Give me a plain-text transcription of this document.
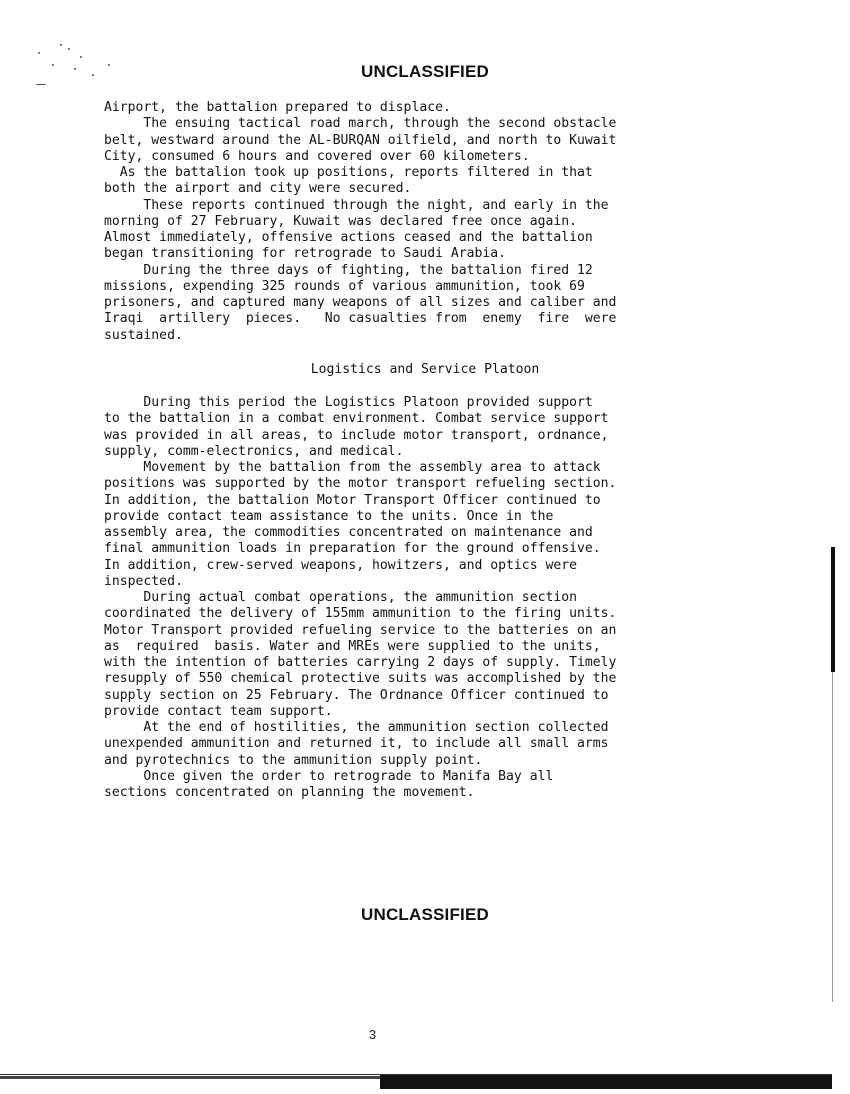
UNCLASSIFIED
Airport, the battalion prepared to displace.
The ensuing tactical road march, through the second obstacle
belt, westward around the AL-BURQAN oilfield, and north to Kuwait
City, consumed 6 hours and covered over 60 kilometers.
As the battalion took up positions, reports filtered in that
both the airport and city were secured.
These reports continued through the night, and early in the
morning of 27 February, Kuwait was declared free once again.
Almost immediately, offensive actions ceased and the battalion
began transitioning for retrograde to Saudi Arabia.
During the three days of fighting, the battalion fired 12
missions, expending 325 rounds of various ammunition, took 69
prisoners, and captured many weapons of all sizes and caliber and
Iraqi  artillery  pieces.   No casualties from  enemy  fire  were
sustained.
Logistics and Service Platoon
During this period the Logistics Platoon provided support
to the battalion in a combat environment. Combat service support
was provided in all areas, to include motor transport, ordnance,
supply, comm-electronics, and medical.
Movement by the battalion from the assembly area to attack
positions was supported by the motor transport refueling section.
In addition, the battalion Motor Transport Officer continued to
provide contact team assistance to the units. Once in the
assembly area, the commodities concentrated on maintenance and
final ammunition loads in preparation for the ground offensive.
In addition, crew-served weapons, howitzers, and optics were
inspected.
During actual combat operations, the ammunition section
coordinated the delivery of 155mm ammunition to the firing units.
Motor Transport provided refueling service to the batteries on an
as  required  basis. Water and MREs were supplied to the units,
with the intention of batteries carrying 2 days of supply. Timely
resupply of 550 chemical protective suits was accomplished by the
supply section on 25 February. The Ordnance Officer continued to
provide contact team support.
At the end of hostilities, the ammunition section collected
unexpended ammunition and returned it, to include all small arms
and pyrotechnics to the ammunition supply point.
Once given the order to retrograde to Manifa Bay all
sections concentrated on planning the movement.
UNCLASSIFIED
3
